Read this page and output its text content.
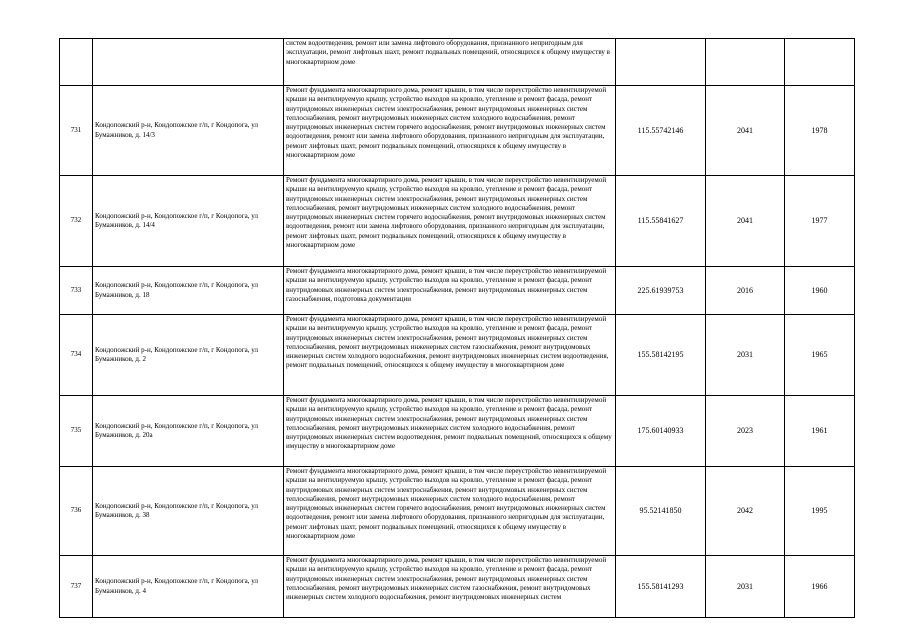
		систем водоотведения, ремонт или замена лифтового оборудования, признанного непригодным для эксплуатации, ремонт лифтовых шахт, ремонт подвальных помещений, относящихся к общему имуществу в многоквартирном доме			
731	Кондопожский р-н, Кондопожское г/п, г Кондопога, ул Бумажников, д. 14/3	Ремонт фундамента многоквартирного дома, ремонт крыши, в том числе переустройство невентилируемой крыши на вентилируемую крышу, устройство выходов на кровлю, утепление и ремонт фасада, ремонт внутридомовых инженерных систем электроснабжения, ремонт внутридомовых инженерных систем теплоснабжения, ремонт внутридомовых инженерных систем холодного водоснабжения, ремонт внутридомовых инженерных систем горячего водоснабжения, ремонт внутридомовых инженерных систем водоотведения, ремонт или замена лифтового оборудования, признанного непригодным для эксплуатации, ремонт лифтовых шахт, ремонт подвальных помещений, относящихся к общему имуществу в многоквартирном доме	115.55742146	2041	1978
732	Кондопожский р-н, Кондопожское г/п, г Кондопога, ул Бумажников, д. 14/4	Ремонт фундамента многоквартирного дома, ремонт крыши, в том числе переустройство невентилируемой крыши на вентилируемую крышу, устройство выходов на кровлю, утепление и ремонт фасада, ремонт внутридомовых инженерных систем электроснабжения, ремонт внутридомовых инженерных систем теплоснабжения, ремонт внутридомовых инженерных систем холодного водоснабжения, ремонт внутридомовых инженерных систем горячего водоснабжения, ремонт внутридомовых инженерных систем водоотведения, ремонт или замена лифтового оборудования, признанного непригодным для эксплуатации, ремонт лифтовых шахт, ремонт подвальных помещений, относящихся к общему имуществу в многоквартирном доме	115.55841627	2041	1977
733	Кондопожский р-н, Кондопожское г/п, г Кондопога, ул Бумажников, д. 18	Ремонт фундамента многоквартирного дома, ремонт крыши, в том числе переустройство невентилируемой крыши на вентилируемую крышу, устройство выходов на кровлю, утепление и ремонт фасада, ремонт внутридомовых инженерных систем электроснабжения, ремонт внутридомовых инженерных систем газоснабжения, подготовка документации	225.61939753	2016	1960
734	Кондопожский р-н, Кондопожское г/п, г Кондопога, ул Бумажников, д. 2	Ремонт фундамента многоквартирного дома, ремонт крыши, в том числе переустройство невентилируемой крыши на вентилируемую крышу, устройство выходов на кровлю, утепление и ремонт фасада, ремонт внутридомовых инженерных систем электроснабжения, ремонт внутридомовых инженерных систем теплоснабжения, ремонт внутридомовых инженерных систем газоснабжения, ремонт внутридомовых инженерных систем холодного водоснабжения, ремонт внутридомовых инженерных систем водоотведения, ремонт подвальных помещений, относящихся к общему имуществу в многоквартирном доме	155.58142195	2031	1965
735	Кондопожский р-н, Кондопожское г/п, г Кондопога, ул Бумажников, д. 20а	Ремонт фундамента многоквартирного дома, ремонт крыши, в том числе переустройство невентилируемой крыши на вентилируемую крышу, устройство выходов на кровлю, утепление и ремонт фасада, ремонт внутридомовых инженерных систем электроснабжения, ремонт внутридомовых инженерных систем теплоснабжения, ремонт внутридомовых инженерных систем холодного водоснабжения, ремонт внутридомовых инженерных систем водоотведения, ремонт подвальных помещений, относящихся к общему имуществу в многоквартирном доме	175.60140933	2023	1961
736	Кондопожский р-н, Кондопожское г/п, г Кондопога, ул Бумажников, д. 38	Ремонт фундамента многоквартирного дома, ремонт крыши, в том числе переустройство невентилируемой крыши на вентилируемую крышу, устройство выходов на кровлю, утепление и ремонт фасада, ремонт внутридомовых инженерных систем электроснабжения, ремонт внутридомовых инженерных систем теплоснабжения, ремонт внутридомовых инженерных систем холодного водоснабжения, ремонт внутридомовых инженерных систем горячего водоснабжения, ремонт внутридомовых инженерных систем водоотведения, ремонт или замена лифтового оборудования, признанного непригодным для эксплуатации, ремонт лифтовых шахт, ремонт подвальных помещений, относящихся к общему имуществу в многоквартирном доме	95.52141850	2042	1995
737	Кондопожский р-н, Кондопожское г/п, г Кондопога, ул Бумажников, д. 4	Ремонт фундамента многоквартирного дома, ремонт крыши, в том числе переустройство невентилируемой крыши на вентилируемую крышу, устройство выходов на кровлю, утепление и ремонт фасада, ремонт внутридомовых инженерных систем электроснабжения, ремонт внутридомовых инженерных систем теплоснабжения, ремонт внутридомовых инженерных систем газоснабжения, ремонт внутридомовых инженерных систем холодного водоснабжения, ремонт внутридомовых инженерных систем	155.58141293	2031	1966
